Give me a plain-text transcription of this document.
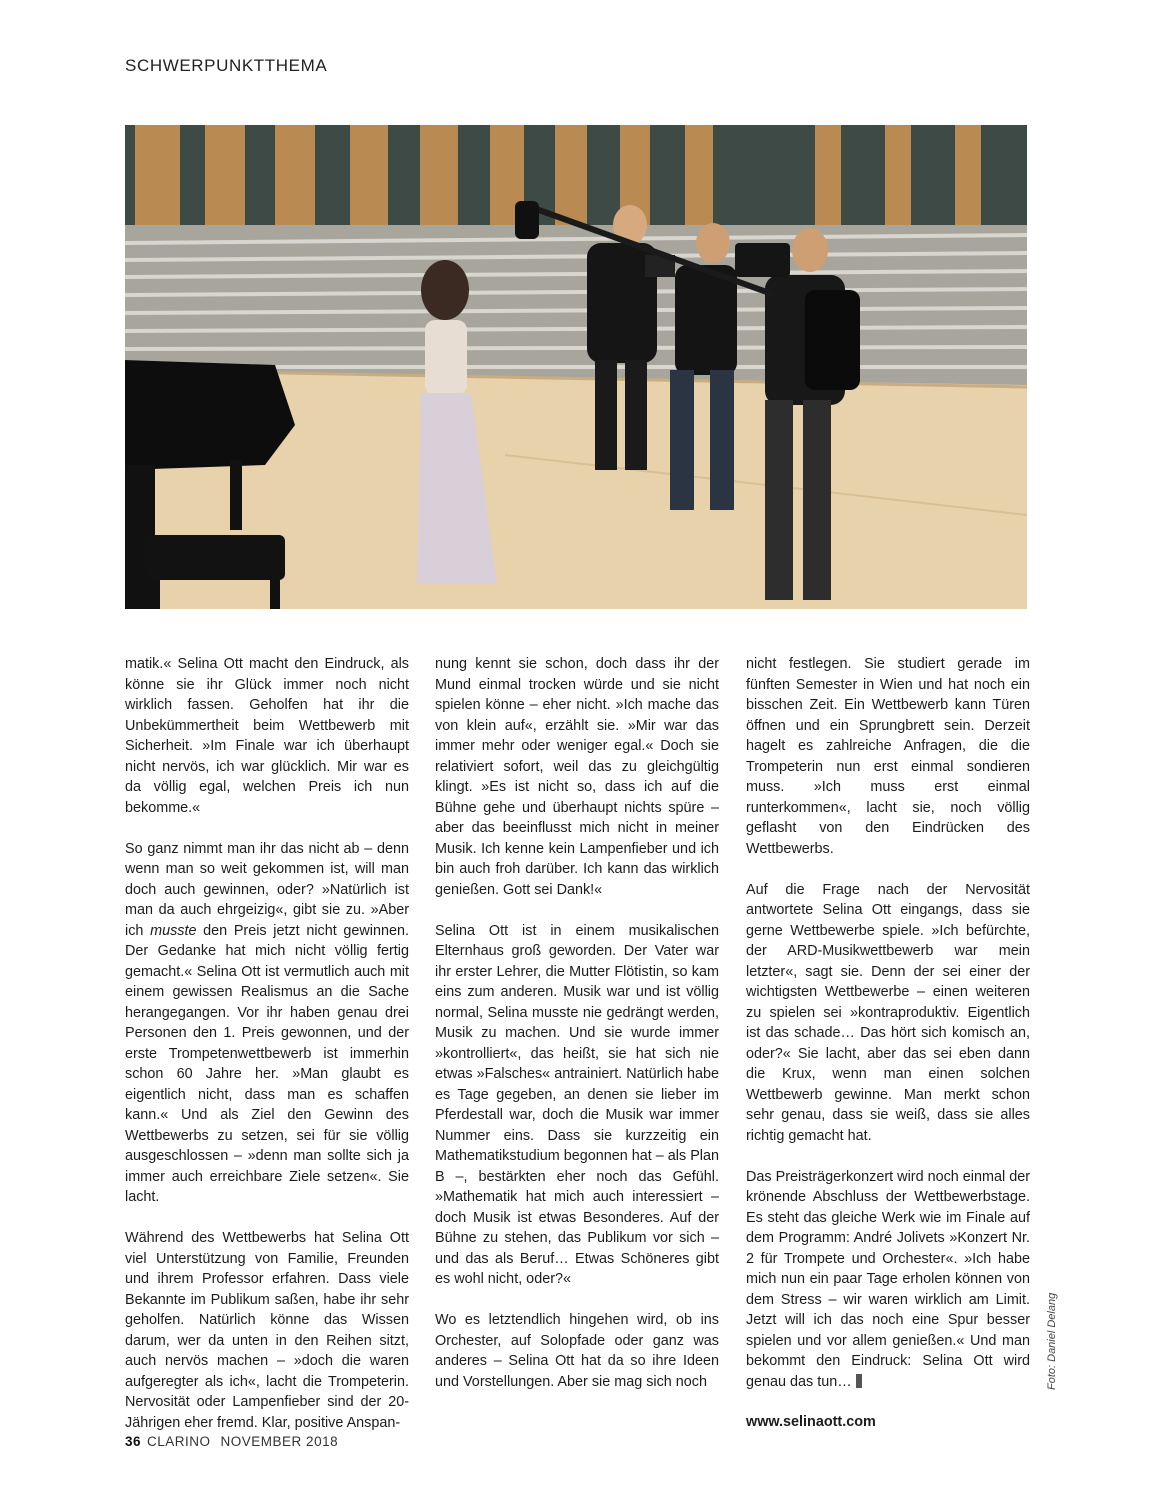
SCHWERPUNKTTHEMA

matik.« Selina Ott macht den Eindruck, als könne sie ihr Glück immer noch nicht wirklich fassen. Geholfen hat ihr die Unbekümmertheit beim Wettbewerb mit Sicherheit. »Im Finale war ich überhaupt nicht nervös, ich war glücklich. Mir war es da völlig egal, welchen Preis ich nun bekomme.«

So ganz nimmt man ihr das nicht ab – denn wenn man so weit gekommen ist, will man doch auch gewinnen, oder? »Natürlich ist man da auch ehrgeizig«, gibt sie zu. »Aber ich musste den Preis jetzt nicht gewinnen. Der Gedanke hat mich nicht völlig fertig gemacht.« Selina Ott ist vermutlich auch mit einem gewissen Realismus an die Sache herangegangen. Vor ihr haben genau drei Personen den 1. Preis gewonnen, und der erste Trompetenwettbewerb ist immerhin schon 60 Jahre her. »Man glaubt es eigentlich nicht, dass man es schaffen kann.« Und als Ziel den Gewinn des Wettbewerbs zu setzen, sei für sie völlig ausgeschlossen – »denn man sollte sich ja immer auch erreichbare Ziele setzen«. Sie lacht.

Während des Wettbewerbs hat Selina Ott viel Unterstützung von Familie, Freunden und ihrem Professor erfahren. Dass viele Bekannte im Publikum saßen, habe ihr sehr geholfen. Natürlich könne das Wissen darum, wer da unten in den Reihen sitzt, auch nervös machen – »doch die waren aufgeregter als ich«, lacht die Trompeterin. Nervosität oder Lampenfieber sind der 20-Jährigen eher fremd. Klar, positive Anspan-

nung kennt sie schon, doch dass ihr der Mund einmal trocken würde und sie nicht spielen könne – eher nicht. »Ich mache das von klein auf«, erzählt sie. »Mir war das immer mehr oder weniger egal.« Doch sie relativiert sofort, weil das zu gleichgültig klingt. »Es ist nicht so, dass ich auf die Bühne gehe und überhaupt nichts spüre – aber das beeinflusst mich nicht in meiner Musik. Ich kenne kein Lampenfieber und ich bin auch froh darüber. Ich kann das wirklich genießen. Gott sei Dank!«

Selina Ott ist in einem musikalischen Elternhaus groß geworden. Der Vater war ihr erster Lehrer, die Mutter Flötistin, so kam eins zum anderen. Musik war und ist völlig normal, Selina musste nie gedrängt werden, Musik zu machen. Und sie wurde immer »kontrolliert«, das heißt, sie hat sich nie etwas »Falsches« antrainiert. Natürlich habe es Tage gegeben, an denen sie lieber im Pferdestall war, doch die Musik war immer Nummer eins. Dass sie kurzzeitig ein Mathematikstudium begonnen hat – als Plan B –, bestärkten eher noch das Gefühl. »Mathematik hat mich auch interessiert – doch Musik ist etwas Besonderes. Auf der Bühne zu stehen, das Publikum vor sich – und das als Beruf… Etwas Schöneres gibt es wohl nicht, oder?«

Wo es letztendlich hingehen wird, ob ins Orchester, auf Solopfade oder ganz was anderes – Selina Ott hat da so ihre Ideen und Vorstellungen. Aber sie mag sich noch

nicht festlegen. Sie studiert gerade im fünften Semester in Wien und hat noch ein bisschen Zeit. Ein Wettbewerb kann Türen öffnen und ein Sprungbrett sein. Derzeit hagelt es zahlreiche Anfragen, die die Trompeterin nun erst einmal sondieren muss. »Ich muss erst einmal runterkommen«, lacht sie, noch völlig geflasht von den Eindrücken des Wettbewerbs.

Auf die Frage nach der Nervosität antwortete Selina Ott eingangs, dass sie gerne Wettbewerbe spiele. »Ich befürchte, der ARD-Musikwettbewerb war mein letzter«, sagt sie. Denn der sei einer der wichtigsten Wettbewerbe – einen weiteren zu spielen sei »kontraproduktiv. Eigentlich ist das schade… Das hört sich komisch an, oder?« Sie lacht, aber das sei eben dann die Krux, wenn man einen solchen Wettbewerb gewinne. Man merkt schon sehr genau, dass sie weiß, dass sie alles richtig gemacht hat.

Das Preisträgerkonzert wird noch einmal der krönende Abschluss der Wettbewerbstage. Es steht das gleiche Werk wie im Finale auf dem Programm: André Jolivets »Konzert Nr. 2 für Trompete und Orchester«. »Ich habe mich nun ein paar Tage erholen können von dem Stress – wir waren wirklich am Limit. Jetzt will ich das noch eine Spur besser spielen und vor allem genießen.« Und man bekommt den Eindruck: Selina Ott wird genau das tun…

www.selinaott.com
Foto: Daniel Delang
36 CLARINO NOVEMBER 2018
